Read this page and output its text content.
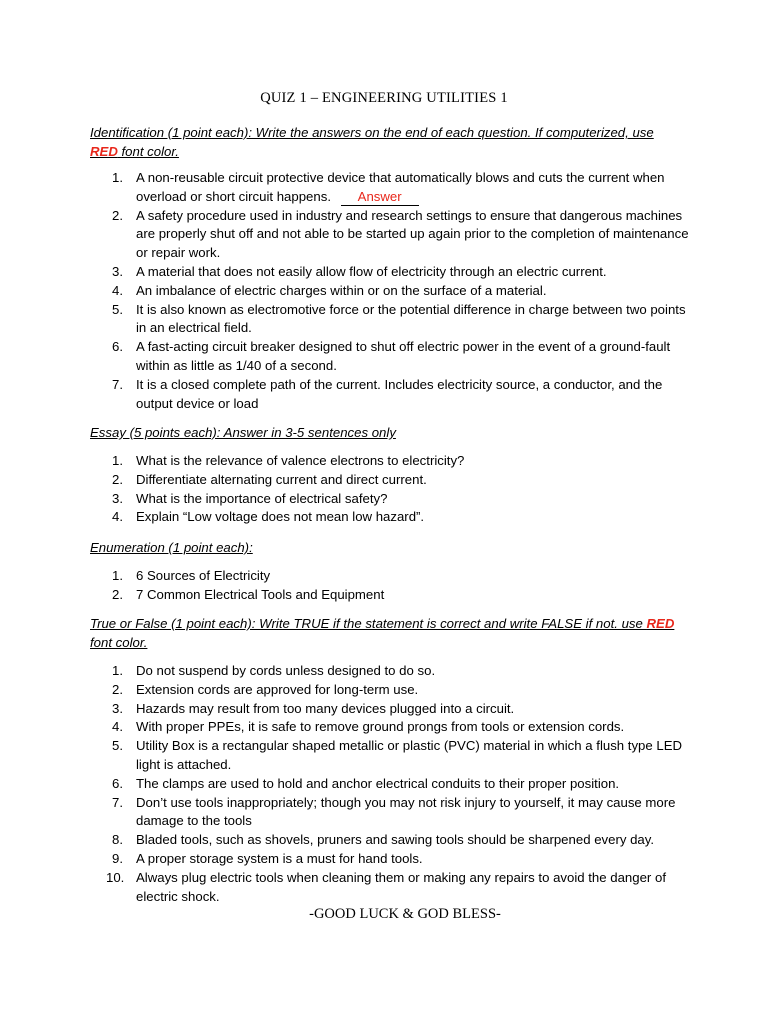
QUIZ 1 – ENGINEERING UTILITIES 1
Identification (1 point each): Write the answers on the end of each question. If computerized, use RED font color.
1. A non-reusable circuit protective device that automatically blows and cuts the current when overload or short circuit happens. Answer
2. A safety procedure used in industry and research settings to ensure that dangerous machines are properly shut off and not able to be started up again prior to the completion of maintenance or repair work.
3. A material that does not easily allow flow of electricity through an electric current.
4. An imbalance of electric charges within or on the surface of a material.
5. It is also known as electromotive force or the potential difference in charge between two points in an electrical field.
6. A fast-acting circuit breaker designed to shut off electric power in the event of a ground-fault within as little as 1/40 of a second.
7. It is a closed complete path of the current. Includes electricity source, a conductor, and the output device or load
Essay (5 points each): Answer in 3-5 sentences only
1. What is the relevance of valence electrons to electricity?
2. Differentiate alternating current and direct current.
3. What is the importance of electrical safety?
4. Explain “Low voltage does not mean low hazard”.
Enumeration (1 point each):
1. 6 Sources of Electricity
2. 7 Common Electrical Tools and Equipment
True or False (1 point each): Write TRUE if the statement is correct and write FALSE if not. use RED font color.
1. Do not suspend by cords unless designed to do so.
2. Extension cords are approved for long-term use.
3. Hazards may result from too many devices plugged into a circuit.
4. With proper PPEs, it is safe to remove ground prongs from tools or extension cords.
5. Utility Box is a rectangular shaped metallic or plastic (PVC) material in which a flush type LED light is attached.
6. The clamps are used to hold and anchor electrical conduits to their proper position.
7. Don’t use tools inappropriately; though you may not risk injury to yourself, it may cause more damage to the tools
8. Bladed tools, such as shovels, pruners and sawing tools should be sharpened every day.
9. A proper storage system is a must for hand tools.
10. Always plug electric tools when cleaning them or making any repairs to avoid the danger of electric shock.
-GOOD LUCK & GOD BLESS-
